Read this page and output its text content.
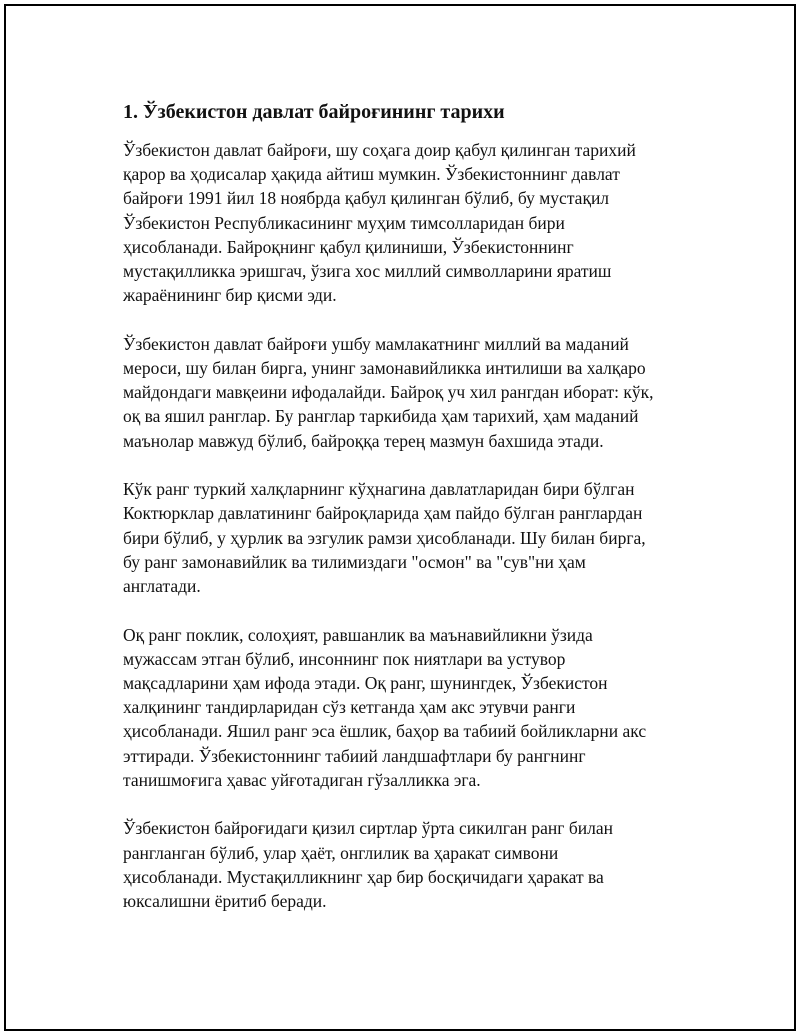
1. Ўзбекистон давлат байроғининг тарихи

Ўзбекистон давлат байроғи, шу соҳага доир қабул қилинган тарихий
қарор ва ҳодисалар ҳақида айтиш мумкин. Ўзбекистоннинг давлат
байроғи 1991 йил 18 ноябрда қабул қилинган бўлиб, бу мустақил
Ўзбекистон Республикасининг муҳим тимсолларидан бири
ҳисобланади. Байроқнинг қабул қилиниши, Ўзбекистоннинг
мустақилликка эришгач, ўзига хос миллий символларини яратиш
жараёнининг бир қисми эди.

Ўзбекистон давлат байроғи ушбу мамлакатнинг миллий ва маданий
мероси, шу билан бирга, унинг замонавийликка интилиши ва халқаро
майдондаги мавқеини ифодалайди. Байроқ уч хил рангдан иборат: кўк,
оқ ва яшил ранглар. Бу ранглар таркибида ҳам тарихий, ҳам маданий
маънолар мавжуд бўлиб, байроққа терең мазмун бахшида этади.

Кўк ранг туркий халқларнинг кўҳнагина давлатларидан бири бўлган
Коктюрклар давлатининг байроқларида ҳам пайдо бўлган ранглардан
бири бўлиб, у ҳурлик ва эзгулик рамзи ҳисобланади. Шу билан бирга,
бу ранг замонавийлик ва тилимиздаги "осмон" ва "сув"ни ҳам
англатади.

Оқ ранг поклик, солоҳият, равшанлик ва маънавийликни ўзида
мужассам этган бўлиб, инсоннинг пок ниятлари ва устувор
мақсадларини ҳам ифода этади. Оқ ранг, шунингдек, Ўзбекистон
халқининг тандирларидан сўз кетганда ҳам акс этувчи ранги
ҳисобланади. Яшил ранг эса ёшлик, баҳор ва табиий бойликларни акс
эттиради. Ўзбекистоннинг табиий ландшафтлари бу рангнинг
танишмоғига ҳавас уйғотадиган гўзалликка эга.

Ўзбекистон байроғидаги қизил сиртлар ўрта сикилган ранг билан
рангланган бўлиб, улар ҳаёт, онглилик ва ҳаракат симвони
ҳисобланади. Мустақилликнинг ҳар бир босқичидаги ҳаракат ва
юксалишни ёритиб беради.
